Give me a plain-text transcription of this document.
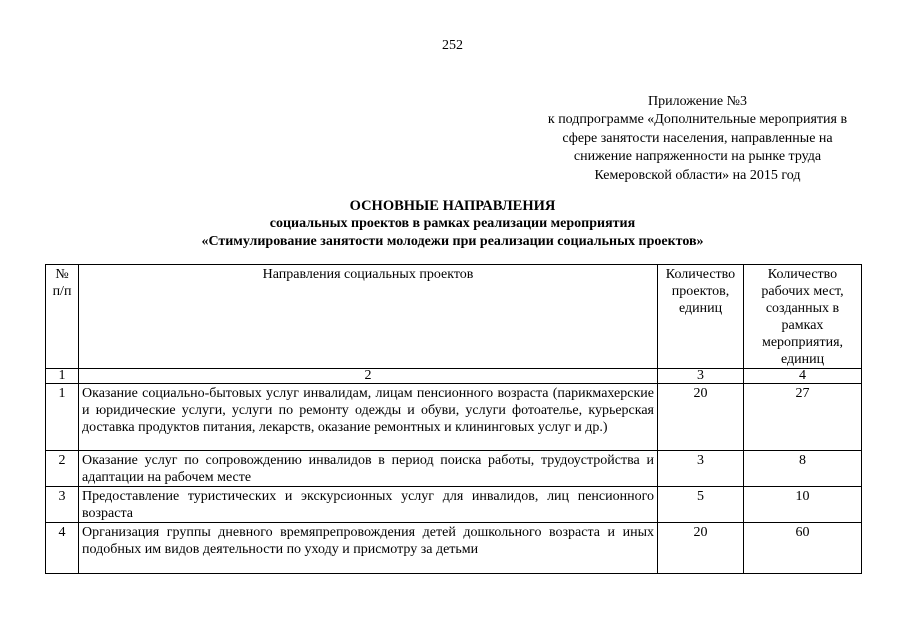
252
Приложение №3
к подпрограмме «Дополнительные мероприятия в
сфере занятости населения, направленные на
снижение напряженности на рынке труда
Кемеровской области» на 2015 год
ОСНОВНЫЕ НАПРАВЛЕНИЯ
социальных проектов в рамках реализации мероприятия
«Стимулирование занятости молодежи при реализации социальных проектов»
№ п/п	Направления социальных проектов	Количество проектов, единиц	Количество рабочих мест, созданных в рамках мероприятия, единиц
1	2	3	4
1	Оказание социально-бытовых услуг инвалидам, лицам пенсионного возраста (парикмахерские и юридические услуги, услуги по ремонту одежды и обуви, услуги фотоателье, курьерская доставка продуктов питания, лекарств, оказание ремонтных и клининговых услуг и др.)	20	27
2	Оказание услуг по сопровождению инвалидов в период поиска работы, трудоустройства и адаптации на рабочем месте	3	8
3	Предоставление туристических и экскурсионных услуг для инвалидов, лиц пенсионного возраста	5	10
4	Организация группы дневного времяпрепровождения детей дошкольного возраста и иных подобных им видов деятельности по уходу и присмотру за детьми	20	60
